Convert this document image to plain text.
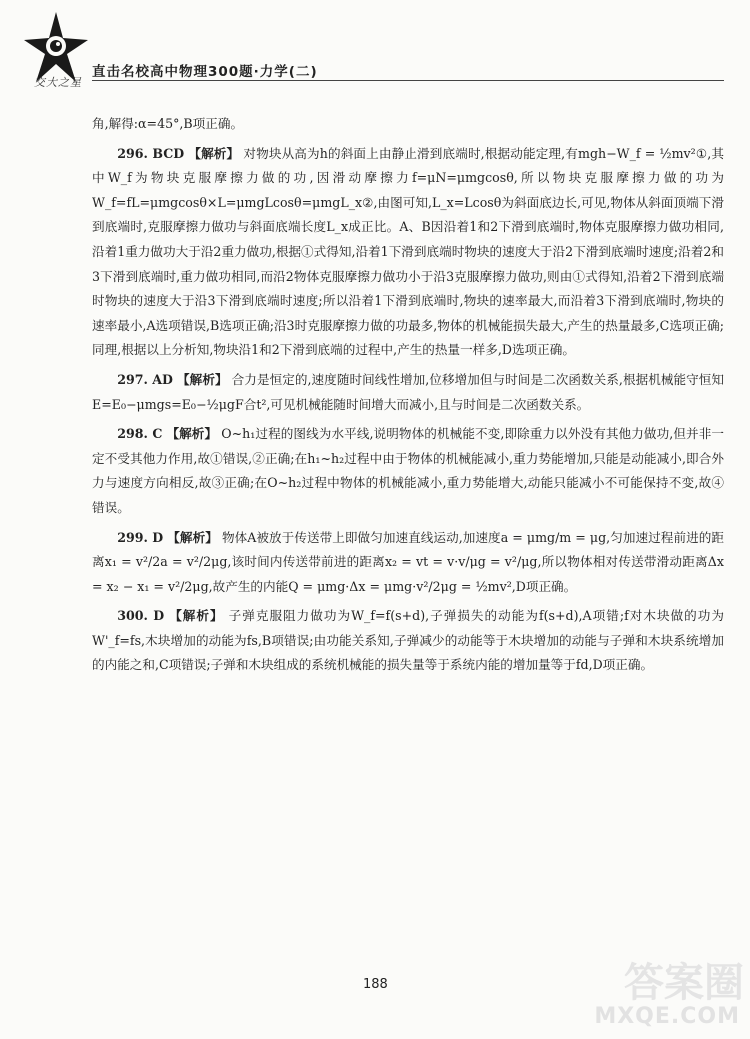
交大之星
直击名校高中物理300题·力学(二)

角,解得:α=45°,B项正确。

296. BCD 【解析】 对物块从高为h的斜面上由静止滑到底端时,根据动能定理,有mgh−W_f = ½mv²①,其中W_f为物块克服摩擦力做的功,因滑动摩擦力f=μN=μmgcosθ,所以物块克服摩擦力做的功为W_f=fL=μmgcosθ×L=μmgLcosθ=μmgL_x②,由图可知,L_x=Lcosθ为斜面底边长,可见,物体从斜面顶端下滑到底端时,克服摩擦力做功与斜面底端长度L_x成正比。A、B因沿着1和2下滑到底端时,物体克服摩擦力做功相同,沿着1重力做功大于沿2重力做功,根据①式得知,沿着1下滑到底端时物块的速度大于沿2下滑到底端时速度;沿着2和3下滑到底端时,重力做功相同,而沿2物体克服摩擦力做功小于沿3克服摩擦力做功,则由①式得知,沿着2下滑到底端时物块的速度大于沿3下滑到底端时速度;所以沿着1下滑到底端时,物块的速率最大,而沿着3下滑到底端时,物块的速率最小,A选项错误,B选项正确;沿3时克服摩擦力做的功最多,物体的机械能损失最大,产生的热量最多,C选项正确;同理,根据以上分析知,物块沿1和2下滑到底端的过程中,产生的热量一样多,D选项正确。

297. AD 【解析】 合力是恒定的,速度随时间线性增加,位移增加但与时间是二次函数关系,根据机械能守恒知E=E₀−μmgs=E₀−½μgF合t²,可见机械能随时间增大而减小,且与时间是二次函数关系。

298. C 【解析】 O~h₁过程的图线为水平线,说明物体的机械能不变,即除重力以外没有其他力做功,但并非一定不受其他力作用,故①错误,②正确;在h₁~h₂过程中由于物体的机械能减小,重力势能增加,只能是动能减小,即合外力与速度方向相反,故③正确;在O~h₂过程中物体的机械能减小,重力势能增大,动能只能减小不可能保持不变,故④错误。

299. D 【解析】 物体A被放于传送带上即做匀加速直线运动,加速度a = μmg/m = μg,匀加速过程前进的距离x₁ = v²/2a = v²/2μg,该时间内传送带前进的距离x₂ = vt = v·v/μg = v²/μg,所以物体相对传送带滑动距离Δx = x₂ − x₁ = v²/2μg,故产生的内能Q = μmg·Δx = μmg·v²/2μg = ½mv²,D项正确。

300. D 【解析】 子弹克服阻力做功为W_f=f(s+d),子弹损失的动能为f(s+d),A项错;f对木块做的功为W'_f=fs,木块增加的动能为fs,B项错误;由功能关系知,子弹减少的动能等于木块增加的动能与子弹和木块系统增加的内能之和,C项错误;子弹和木块组成的系统机械能的损失量等于系统内能的增加量等于fd,D项正确。

188	答案圈
MXQE.COM
